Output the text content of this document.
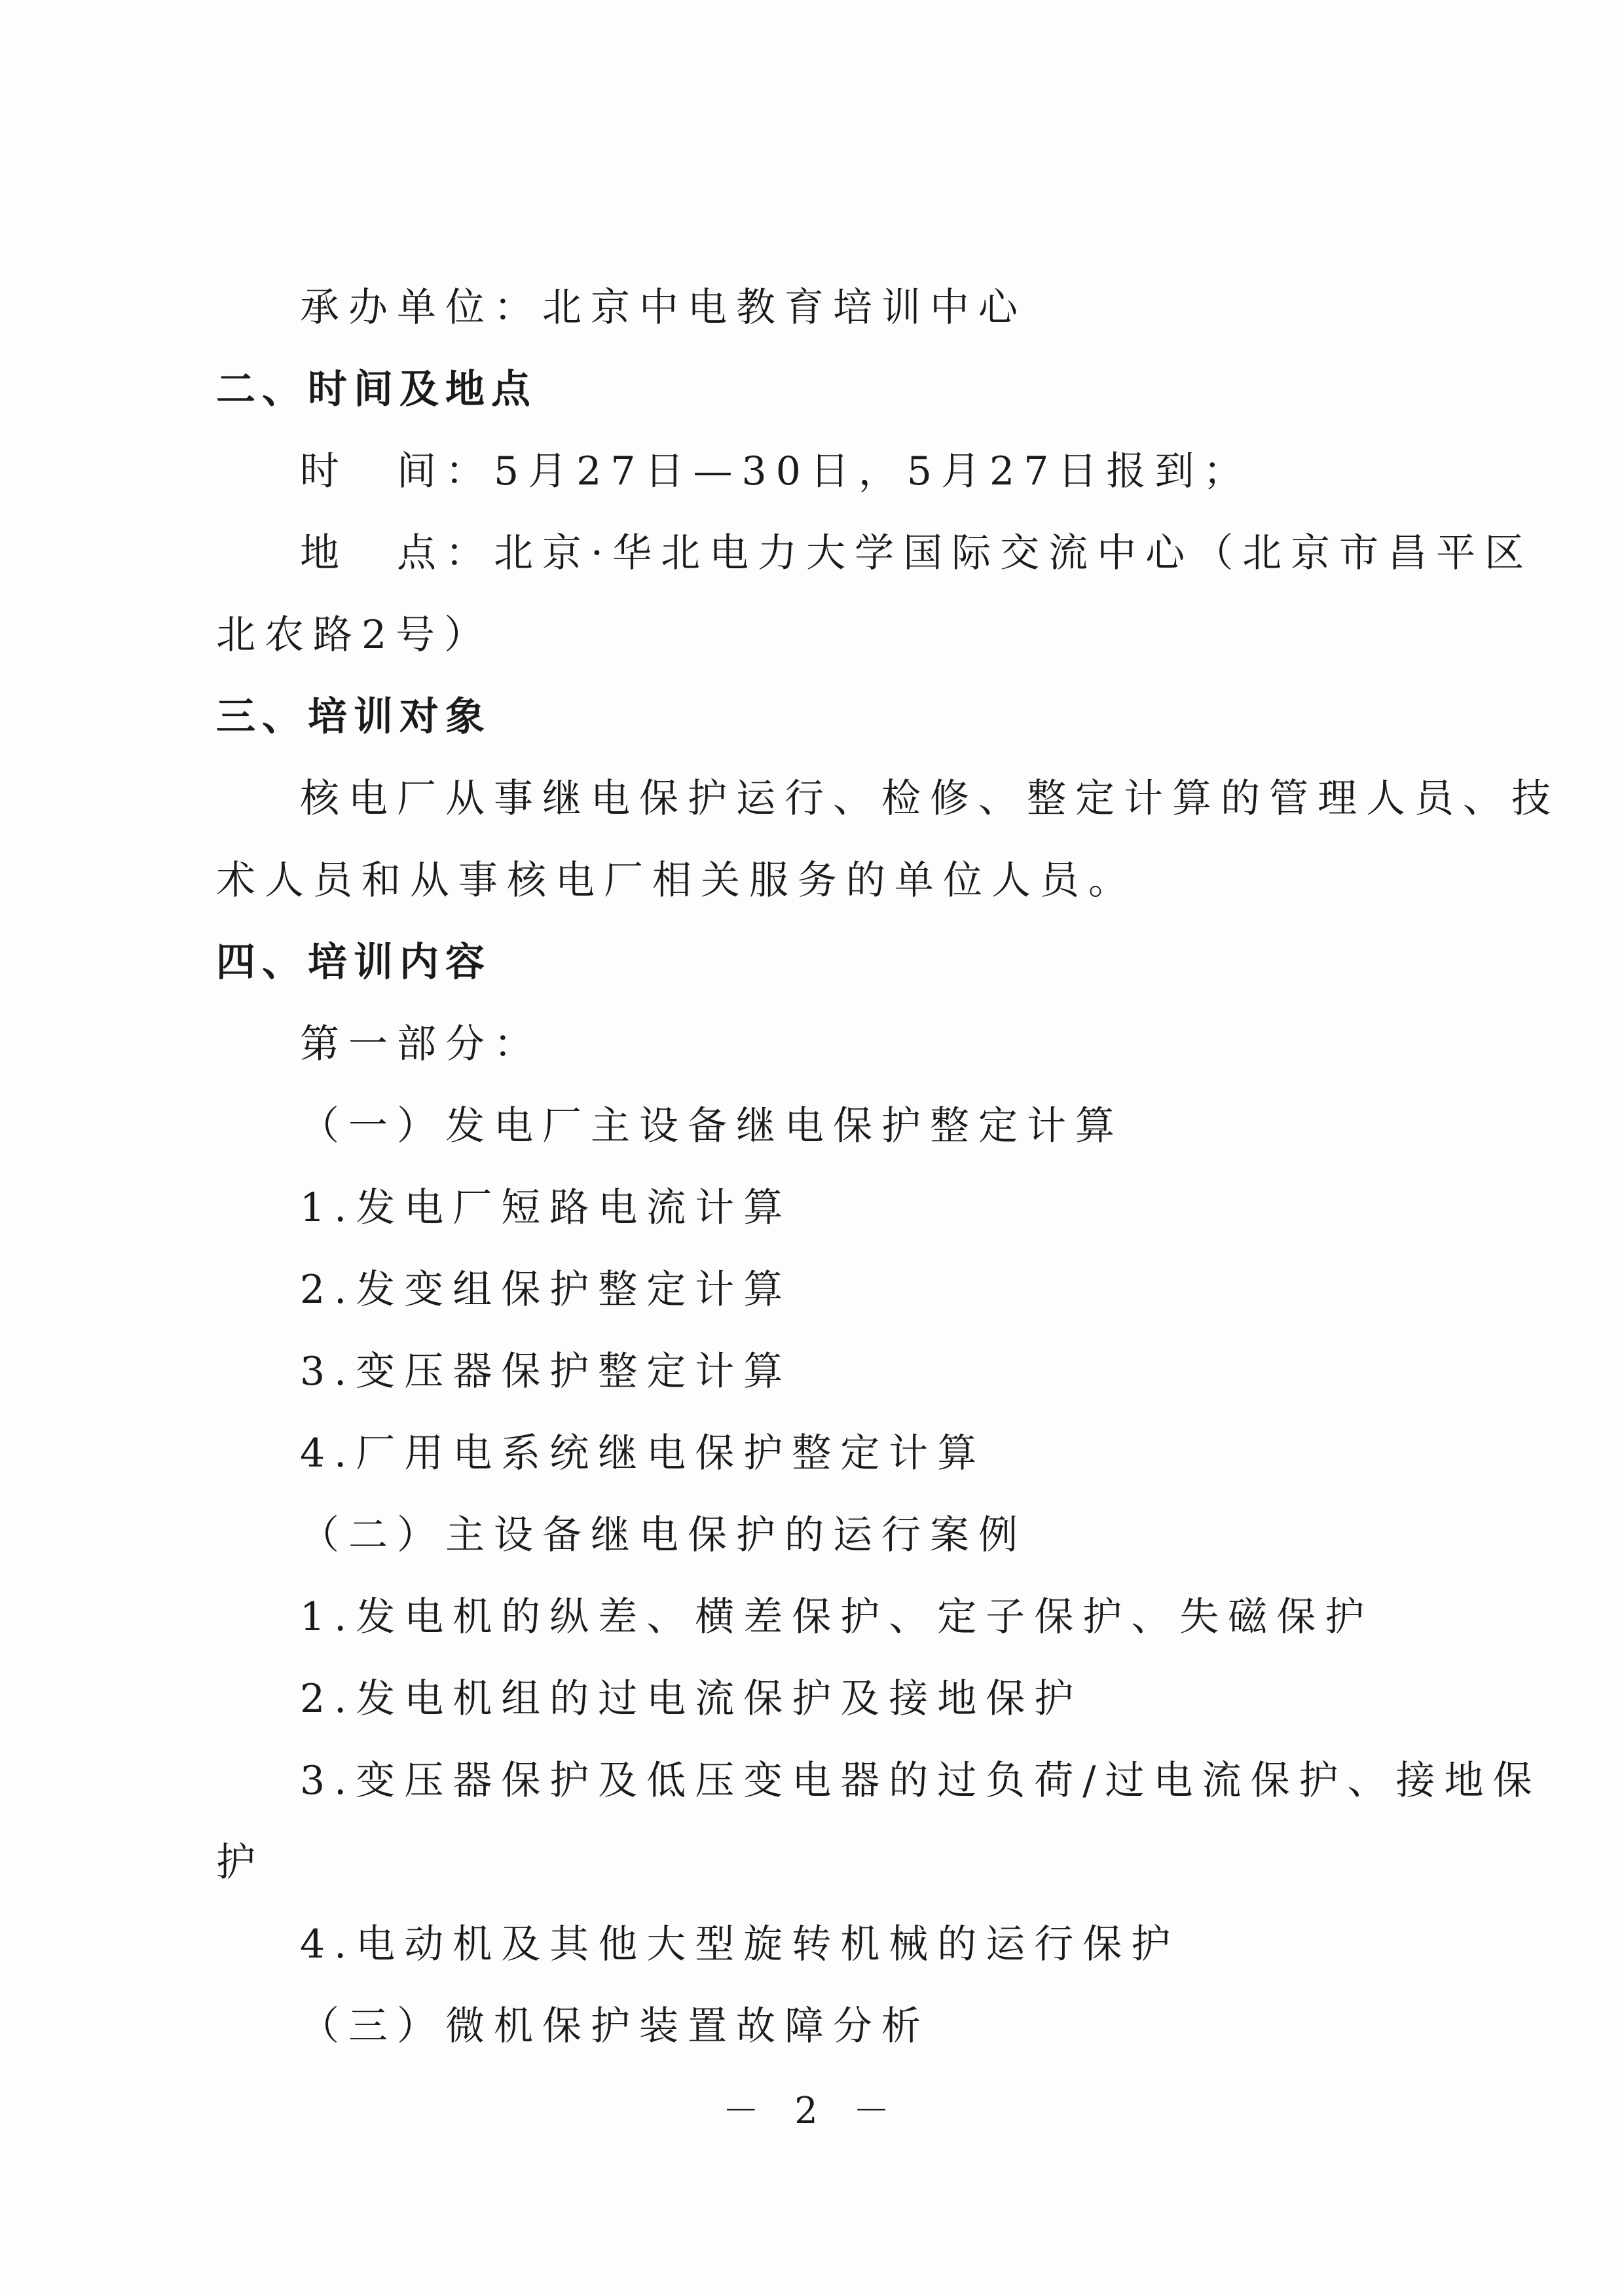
承办单位：北京中电教育培训中心
二、时间及地点
时　间：5月27日—30日，5月27日报到；
地　点：北京·华北电力大学国际交流中心（北京市昌平区
北农路2号）
三、培训对象
核电厂从事继电保护运行、检修、整定计算的管理人员、技
术人员和从事核电厂相关服务的单位人员。
四、培训内容
第一部分：
（一）发电厂主设备继电保护整定计算
1.发电厂短路电流计算
2.发变组保护整定计算
3.变压器保护整定计算
4.厂用电系统继电保护整定计算
（二）主设备继电保护的运行案例
1.发电机的纵差、横差保护、定子保护、失磁保护
2.发电机组的过电流保护及接地保护
3.变压器保护及低压变电器的过负荷/过电流保护、接地保
护
4.电动机及其他大型旋转机械的运行保护
（三）微机保护装置故障分析
－ 2 －
